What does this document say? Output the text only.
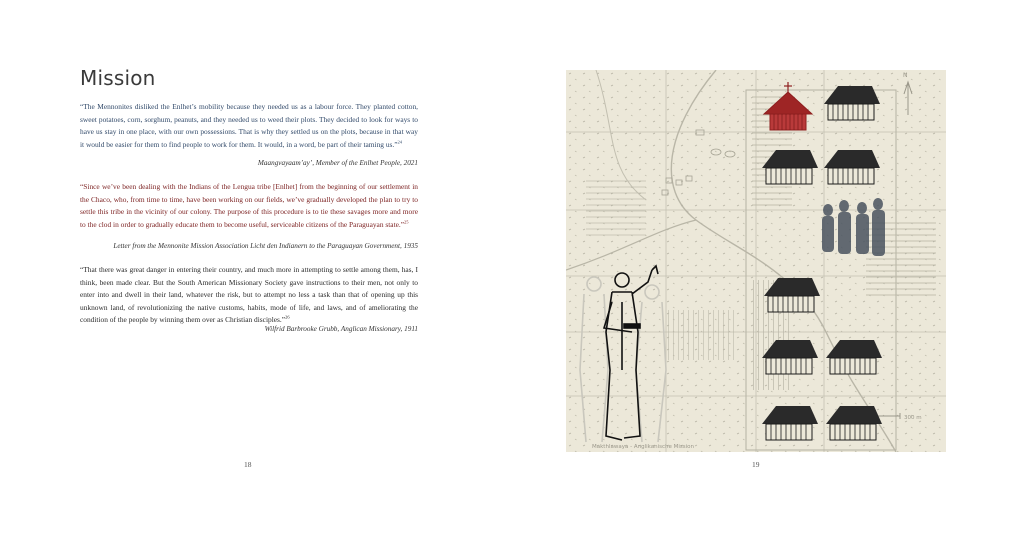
Mission
“The Mennonites disliked the Enlhet’s mobility because they needed us as a labour force. They planted cotton, sweet potatoes, corn, sorghum, peanuts, and they needed us to weed their plots. They decided to look for ways to have us stay in one place, with our own possessions. That is why they settled us on the plots, because in that way it would be easier for them to find people to work for them. It would, in a word, be part of their taming us.”$^{24}$
Maangvayaam’ay’, Member of the Enlhet People, 2021
“Since we’ve been dealing with the Indians of the Lengua tribe [Enlhet] from the beginning of our settlement in the Chaco, who, from time to time, have been working on our fields, we’ve gradually developed the plan to try to settle this tribe in the vicinity of our colony. The purpose of this procedure is to tie these savages more and more to the clod in order to gradually educate them to become useful, serviceable citizens of the Paraguayan state.”$^{25}$
Letter from the Mennonite Mission Association Licht den Indianern to the Paraguayan Government, 1935
“That there was great danger in entering their country, and much more in attempting to settle among them, has, I think, been made clear. But the South American Missionary Society gave instructions to their men, not only to enter into and dwell in their land, whatever the risk, but to attempt no less a task than that of opening up this unknown land, of revolutionizing the native customs, habits, mode of life, and laws, and of ameliorating the condition of the people by winning them over as Christian disciples.”$^{26}$
Wilfrid Barbrooke Grubb, Anglican Missionary, 1911
18
N
300 m
Makthlawaya - Anglikanische Mission
19
